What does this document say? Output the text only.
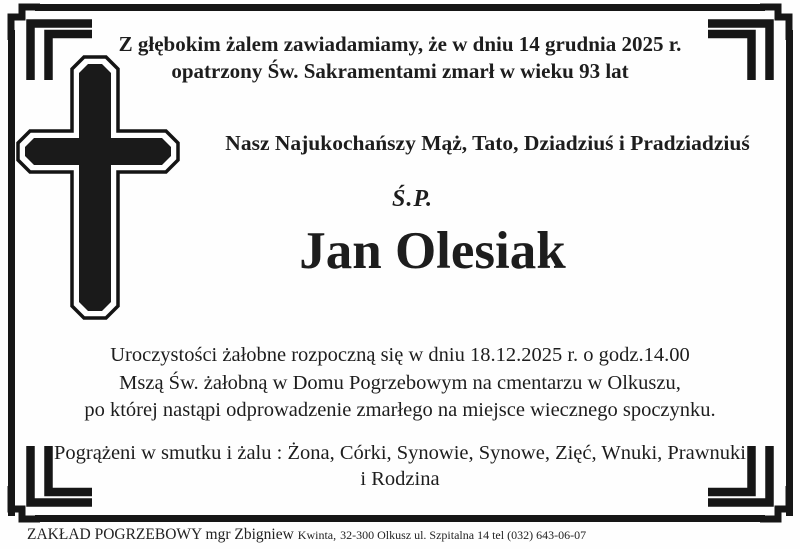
Z głębokim żalem zawiadamiamy, że w dniu 14 grudnia 2025 r.
opatrzony Św. Sakramentami zmarł w wieku 93 lat
Nasz Najukochańszy Mąż, Tato, Dziadziuś i Pradziadziuś
Ś.P.
Jan Olesiak
Uroczystości żałobne rozpoczną się w dniu 18.12.2025 r. o godz.14.00
Mszą Św. żałobną w Domu Pogrzebowym na cmentarzu w Olkuszu,
po której nastąpi odprowadzenie zmarłego na miejsce wiecznego spoczynku.
Pogrążeni w smutku i żalu : Żona, Córki, Synowie, Synowe, Zięć, Wnuki, Prawnuki
i Rodzina
ZAKŁAD POGRZEBOWY mgr Zbigniew Kwinta, 32-300 Olkusz ul. Szpitalna 14 tel (032) 643-06-07
